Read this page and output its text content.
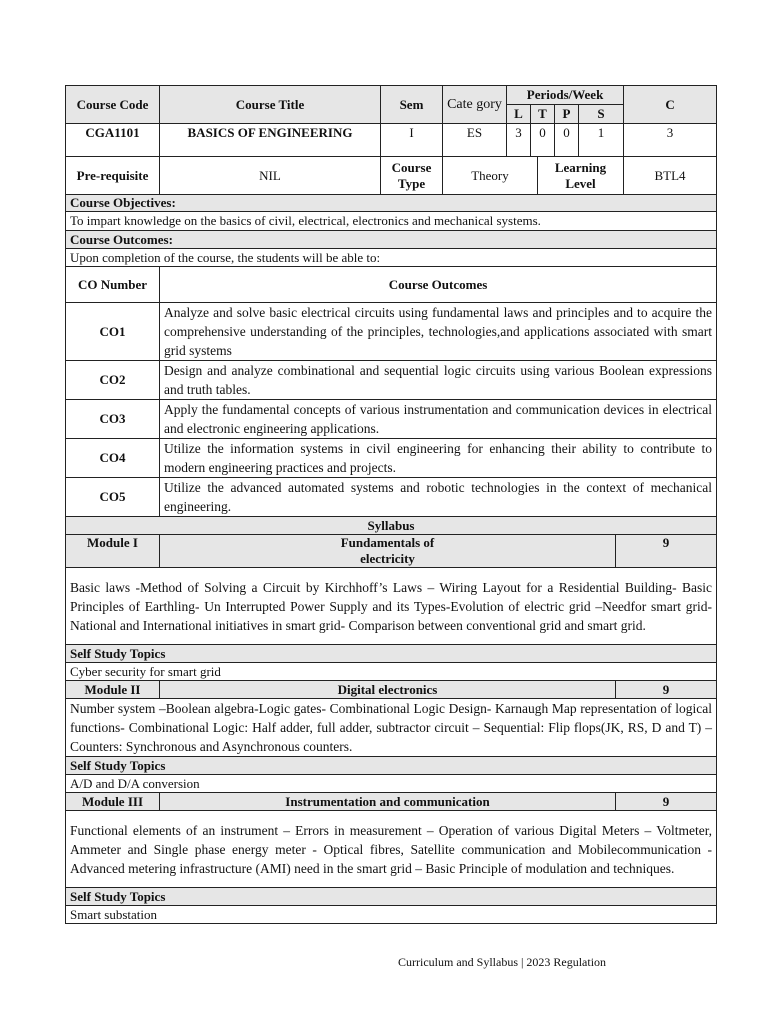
Course Code	Course Title	Sem	Cate gory	Periods/Week				C
				L	T	P	S	
CGA1101	BASICS OF ENGINEERING	I	ES	3	0	0	1	3
Pre-requisite	NIL	Course Type	Theory	Learning Level	BTL4
Course Objectives:		
To impart knowledge on the basics of civil, electrical, electronics and mechanical systems.		
Course Outcomes:		
Upon completion of the course, the students will be able to:		
CO Number	Course Outcomes	
CO1	Analyze and solve basic electrical circuits using fundamental laws and principles and to acquire the comprehensive understanding of the principles, technologies,and applications associated with smart grid systems	
CO2	Design and analyze combinational and sequential logic circuits using various Boolean expressions and truth tables.	
CO3	Apply the fundamental concepts of various instrumentation and communication devices in electrical and electronic engineering applications.	
CO4	Utilize the information systems in civil engineering for enhancing their ability to contribute to modern engineering practices and projects.	
CO5	Utilize the advanced automated systems and robotic technologies in the context of mechanical engineering.	
Syllabus		
Module I	Fundamentals of electricity	9
Basic laws -Method of Solving a Circuit by Kirchhoff’s Laws – Wiring Layout for a Residential Building- Basic Principles of Earthling- Un Interrupted Power Supply and its Types-Evolution of electric grid –Needfor smart grid- National and International initiatives in smart grid- Comparison between conventional grid and smart grid.		
Self Study Topics		
Cyber security for smart grid		
Module II	Digital electronics	9
Number system –Boolean algebra-Logic gates- Combinational Logic Design- Karnaugh Map representation of logical functions- Combinational Logic: Half adder, full adder, subtractor circuit – Sequential: Flip flops(JK, RS, D and T) – Counters: Synchronous and Asynchronous counters.		
Self Study Topics		
A/D and D/A conversion		
Module III	Instrumentation and communication	9
Functional elements of an instrument – Errors in measurement – Operation of various Digital Meters – Voltmeter, Ammeter and Single phase energy meter - Optical fibres, Satellite communication and Mobilecommunication - Advanced metering infrastructure (AMI) need in the smart grid – Basic Principle of modulation and techniques.		
Self Study Topics		
Smart substation		
Curriculum and Syllabus | 2023 Regulation
